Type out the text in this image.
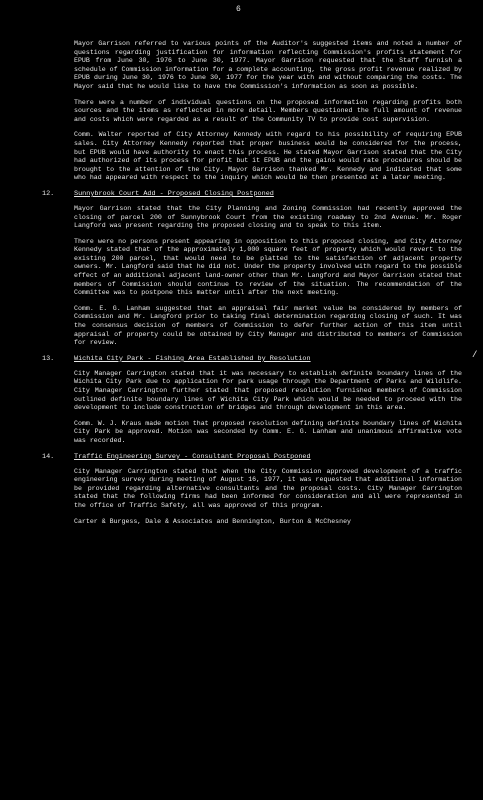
6
/

Mayor Garrison referred to various points of the Auditor's suggested items and noted a number of questions regarding justification for information reflecting Commission's profits statement for EPUB from June 30, 1976 to June 30, 1977. Mayor Garrison requested that the Staff furnish a schedule of Commission information for a complete accounting, the gross profit revenue realized by EPUB during June 30, 1976 to June 30, 1977 for the year with and without comparing the costs. The Mayor said that he would like to have the Commission's information as soon as possible.

There were a number of individual questions on the proposed information regarding profits both sources and the items as reflected in more detail. Members questioned the full amount of revenue and costs which were regarded as a result of the Community TV to provide cost supervision.

Comm. Walter reported of City Attorney Kennedy with regard to his possibility of requiring EPUB sales. City Attorney Kennedy reported that proper business would be considered for the process, but EPUB would have authority to enact this process. He stated Mayor Garrison stated that the City had authorized of its process for profit but it EPUB and the gains would rate procedures should be brought to the attention of the City. Mayor Garrison thanked Mr. Kennedy and indicated that some who had appeared with respect to the inquiry which would be then presented at a later meeting.

12.	Sunnybrook Court Add - Proposed Closing Postponed

Mayor Garrison stated that the City Planning and Zoning Commission had recently approved the closing of parcel 200 of Sunnybrook Court from the existing roadway to 2nd Avenue. Mr. Roger Langford was present regarding the proposed closing and to speak to this item.

There were no persons present appearing in opposition to this proposed closing, and City Attorney Kennedy stated that of the approximately 1,000 square feet of property which would revert to the existing 200 parcel, that would need to be platted to the satisfaction of adjacent property owners. Mr. Langford said that he did not. Under the property involved with regard to the possible effect of an additional adjacent land-owner other than Mr. Langford and Mayor Garrison stated that members of Commission should continue to review of the situation. The recommendation of the Committee was to postpone this matter until after the next meeting.

Comm. E. G. Lanham suggested that an appraisal fair market value be considered by members of Commission and Mr. Langford prior to taking final determination regarding closing of such. It was the consensus decision of members of Commission to defer further action of this item until appraisal of property could be obtained by City Manager and distributed to members of Commission for review.

13.	Wichita City Park - Fishing Area Established by Resolution

City Manager Carrington stated that it was necessary to establish definite boundary lines of the Wichita City Park due to application for park usage through the Department of Parks and Wildlife. City Manager Carrington further stated that proposed resolution furnished members of Commission outlined definite boundary lines of Wichita City Park which would be needed to proceed with the development to include construction of bridges and through development in this area.

Comm. W. J. Kraus made motion that proposed resolution defining definite boundary lines of Wichita City Park be approved. Motion was seconded by Comm. E. G. Lanham and unanimous affirmative vote was recorded.

14.	Traffic Engineering Survey - Consultant Proposal Postponed

City Manager Carrington stated that when the City Commission approved development of a traffic engineering survey during meeting of August 16, 1977, it was requested that additional information be provided regarding alternative consultants and the proposal costs. City Manager Carrington stated that the following firms had been informed for consideration and all were represented in the office of Traffic Safety, all was approved of this program.

Carter & Burgess, Dale & Associates and Bennington, Burton & McChesney
